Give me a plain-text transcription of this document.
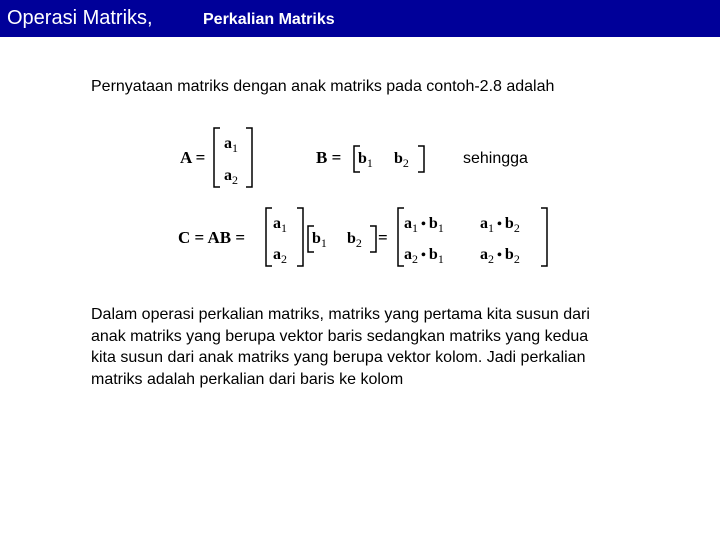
Operasi Matriks,	Perkalian Matriks
Pernyataan matriks dengan anak matriks pada contoh-2.8 adalah
sehingga
A =
$a_1$
$a_2$
$B = b_1$ $b_2$
C = AB =
$a_1$
$a_2$
$b_1$ $b_2$ =
$a_1$ • $b_1$ $a_1$ • $b_2$
$a_2$ • $b_1$ $a_2$ • $b_2$
Dalam operasi perkalian matriks, matriks yang pertama kita susun dari
anak matriks yang berupa vektor baris sedangkan matriks yang kedua
kita susun dari anak matriks yang berupa vektor kolom. Jadi perkalian
matriks adalah perkalian dari baris ke kolom
